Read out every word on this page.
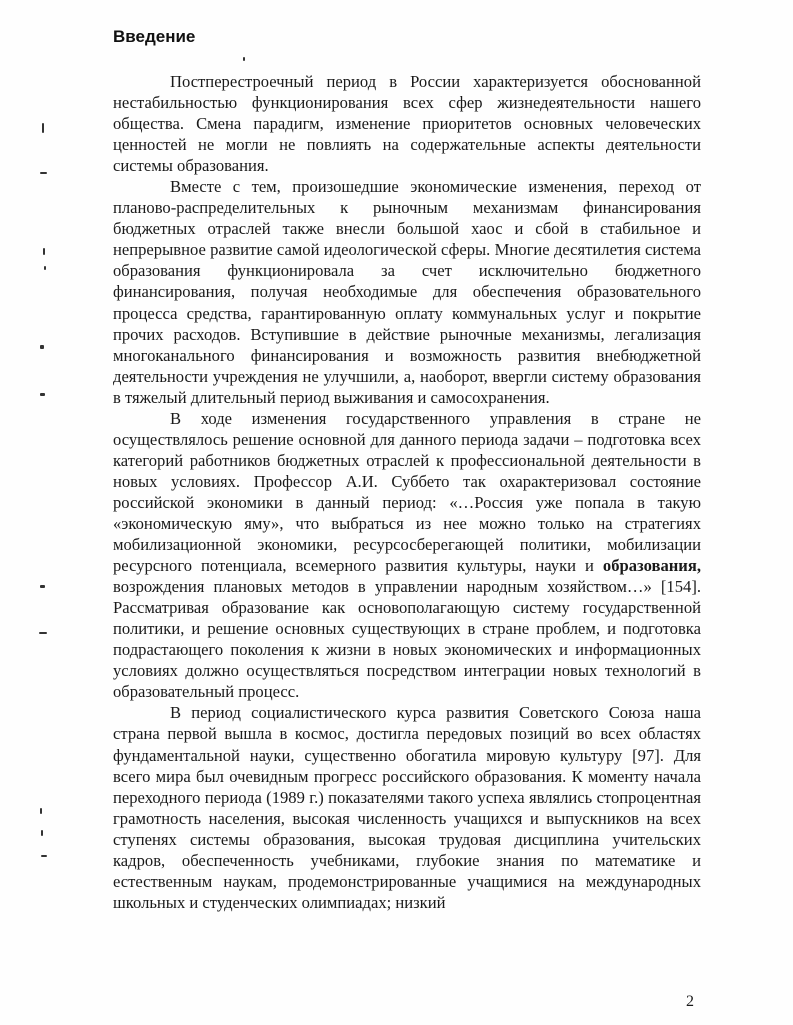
Введение

Постперестроечный период в России характеризуется обоснованной нестабильностью функционирования всех сфер жизнедеятельности нашего общества. Смена парадигм, изменение приоритетов основных человеческих ценностей не могли не повлиять на содержательные аспекты деятельности системы образования.

Вместе с тем, произошедшие экономические изменения, переход от планово-распределительных к рыночным механизмам финансирования бюджетных отраслей также внесли большой хаос и сбой в стабильное и непрерывное развитие самой идеологической сферы. Многие десятилетия система образования функционировала за счет исключительно бюджетного финансирования, получая необходимые для обеспечения образовательного процесса средства, гарантированную оплату коммунальных услуг и покрытие прочих расходов. Вступившие в действие рыночные механизмы, легализация многоканального финансирования и возможность развития внебюджетной деятельности учреждения не улучшили, а, наоборот, ввергли систему образования в тяжелый длительный период выживания и самосохранения.

В ходе изменения государственного управления в стране не осуществлялось решение основной для данного периода задачи – подготовка всех категорий работников бюджетных отраслей к профессиональной деятельности в новых условиях. Профессор А.И. Суббето так охарактеризовал состояние российской экономики в данный период: «…Россия уже попала в такую «экономическую яму», что выбраться из нее можно только на стратегиях мобилизационной экономики, ресурсосберегающей политики, мобилизации ресурсного потенциала, всемерного развития культуры, науки и образования, возрождения плановых методов в управлении народным хозяйством…» [154]. Рассматривая образование как основополагающую систему государственной политики, и решение основных существующих в стране проблем, и подготовка подрастающего поколения к жизни в новых экономических и информационных условиях должно осуществляться посредством интеграции новых технологий в образовательный процесс.

В период социалистического курса развития Советского Союза наша страна первой вышла в космос, достигла передовых позиций во всех областях фундаментальной науки, существенно обогатила мировую культуру [97]. Для всего мира был очевидным прогресс российского образования. К моменту начала переходного периода (1989 г.) показателями такого успеха являлись стопроцентная грамотность населения, высокая численность учащихся и выпускников на всех ступенях системы образования, высокая трудовая дисциплина учительских кадров, обеспеченность учебниками, глубокие знания по математике и естественным наукам, продемонстрированные учащимися на международных школьных и студенческих олимпиадах; низкий

2
